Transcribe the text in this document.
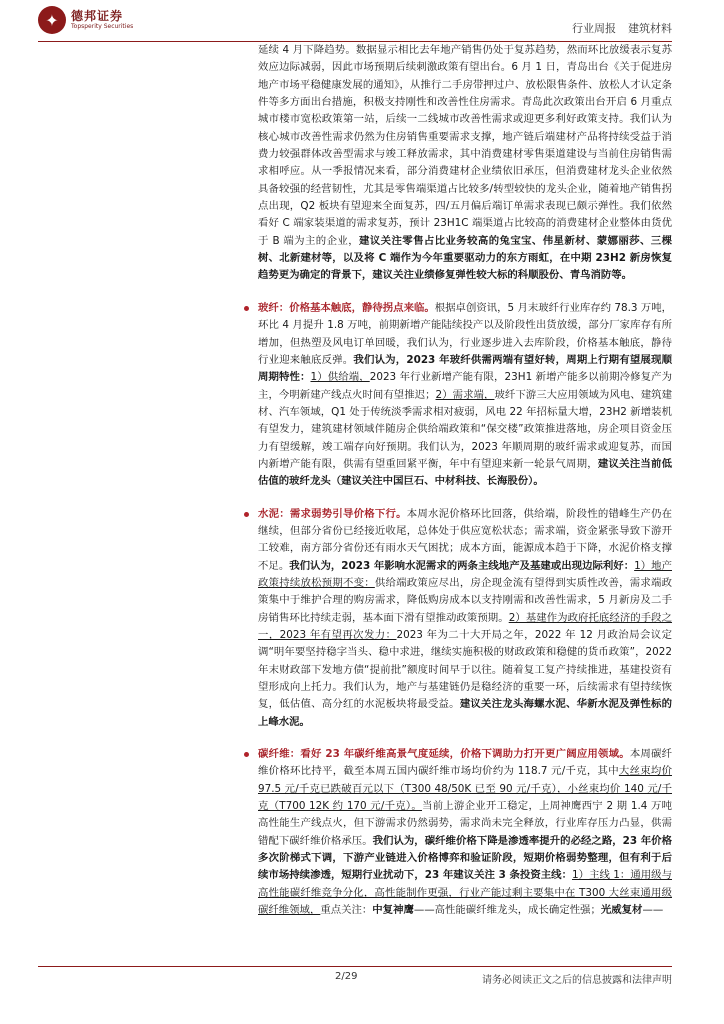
✦	德邦证券
Topsperity Securities	行业周报 建筑材料

延续 4 月下降趋势。数据显示相比去年地产销售仍处于复苏趋势，然而环比放缓表示复苏效应边际减弱，因此市场预期后续刺激政策有望出台。6 月 1 日，青岛出台《关于促进房地产市场平稳健康发展的通知》，从推行二手房带押过户、放松限售条件、放松人才认定条件等多方面出台措施，积极支持刚性和改善性住房需求。青岛此次政策出台开启 6 月重点城市楼市宽松政策第一站，后续一二线城市改善性需求或迎更多利好政策支持。我们认为核心城市改善性需求仍然为住房销售重要需求支撑，地产链后端建材产品将持续受益于消费力较强群体改善型需求与竣工释放需求，其中消费建材零售渠道建设与当前住房销售需求相呼应。从一季报情况来看，部分消费建材企业绩依旧承压，但消费建材龙头企业依然具备较强的经营韧性，尤其是零售端渠道占比较多/转型较快的龙头企业，随着地产销售拐点出现，Q2 板块有望迎来全面复苏，四/五月偏后端订单需求表现已颇示弹性。我们依然看好 C 端家装渠道的需求复苏，预计 23H1C 端渠道占比较高的消费建材企业整体由货优于 B 端为主的企业，建议关注零售占比业务较高的兔宝宝、伟星新材、蒙娜丽莎、三棵树、北新建材等，以及将 C 端作为今年重要驱动力的东方雨虹，在中期 23H2 新房恢复趋势更为确定的背景下，建议关注业绩修复弹性较大标的科顺股份、青鸟消防等。

玻纤：价格基本触底，静待拐点来临。根据卓创资讯，5 月末玻纤行业库存约 78.3 万吨，环比 4 月提升 1.8 万吨，前期新增产能陆续投产以及阶段性出货放缓，部分厂家库存有所增加，但热塑及风电订单回暖，我们认为，行业逐步进入去库阶段，价格基本触底，静待行业迎来触底反弹。我们认为，2023 年玻纤供需两端有望好转，周期上行期有望展现顺周期特性：1）供给端，2023 年行业新增产能有限，23H1 新增产能多以前期冷修复产为主，今明新建产线点火时间有望推迟；2）需求端，玻纤下游三大应用领域为风电、建筑建材、汽车领域，Q1 处于传统淡季需求相对疲弱，风电 22 年招标量大增，23H2 新增装机有望发力，建筑建材领域伴随房企供给端政策和“保交楼”政策推进落地，房企项目资金压力有望缓解，竣工端存向好预期。我们认为，2023 年顺周期的玻纤需求或迎复苏，而国内新增产能有限，供需有望重回紧平衡，年中有望迎来新一轮景气周期，建议关注当前低估值的玻纤龙头（建议关注中国巨石、中材科技、长海股份）。

水泥：需求弱势引导价格下行。本周水泥价格环比回落，供给端，阶段性的错峰生产仍在继续，但部分省份已经接近收尾，总体处于供应宽松状态；需求端，资金紧张导致下游开工较难，南方部分省份还有雨水天气困扰；成本方面，能源成本趋于下降，水泥价格支撑不足。我们认为，2023 年影响水泥需求的两条主线地产及基建或出现边际利好：1）地产政策持续放松预期不变：供给端政策应尽出，房企现金流有望得到实质性改善，需求端政策集中于维护合理的购房需求，降低购房成本以支持刚需和改善性需求，5 月新房及二手房销售环比持续走弱，基本面下滑有望推动政策预期。2）基建作为政府托底经济的手段之一，2023 年有望再次发力：2023 年为二十大开局之年，2022 年 12 月政治局会议定调“明年要坚持稳字当头、稳中求进，继续实施积极的财政政策和稳健的货币政策”，2022 年末财政部下发地方债“提前批”额度时间早于以往。随着复工复产持续推进，基建投资有望形成向上托力。我们认为，地产与基建链仍是稳经济的重要一环，后续需求有望持续恢复，低估值、高分红的水泥板块将最受益。建议关注龙头海螺水泥、华新水泥及弹性标的上峰水泥。

碳纤维：看好 23 年碳纤维高景气度延续，价格下调助力打开更广阔应用领域。本周碳纤维价格环比持平，截至本周五国内碳纤维市场均价约为 118.7 元/千克，其中大丝束均价 97.5 元/千克已跌破百元以下（T300 48/50K 已至 90 元/千克），小丝束均价 140 元/千克（T700 12K 约 170 元/千克）。当前上游企业开工稳定，上周神鹰西宁 2 期 1.4 万吨高性能生产线点火，但下游需求仍然弱势，需求尚未完全释放，行业库存压力凸显，供需错配下碳纤维价格承压。我们认为，碳纤维价格下降是渗透率提升的必经之路，23 年价格多次阶梯式下调，下游产业链进入价格博弈和验证阶段，短期价格弱势整理，但有利于后续市场持续渗透，短期行业扰动下，23 年建议关注 3 条投资主线：1）主线 1：通用级与高性能碳纤维竞争分化，高性能制作更强，行业产能过剩主要集中在 T300 大丝束通用级碳纤维领域，重点关注：中复神鹰——高性能碳纤维龙头，成长确定性强；光威复材——

2/29	请务必阅读正文之后的信息披露和法律声明
